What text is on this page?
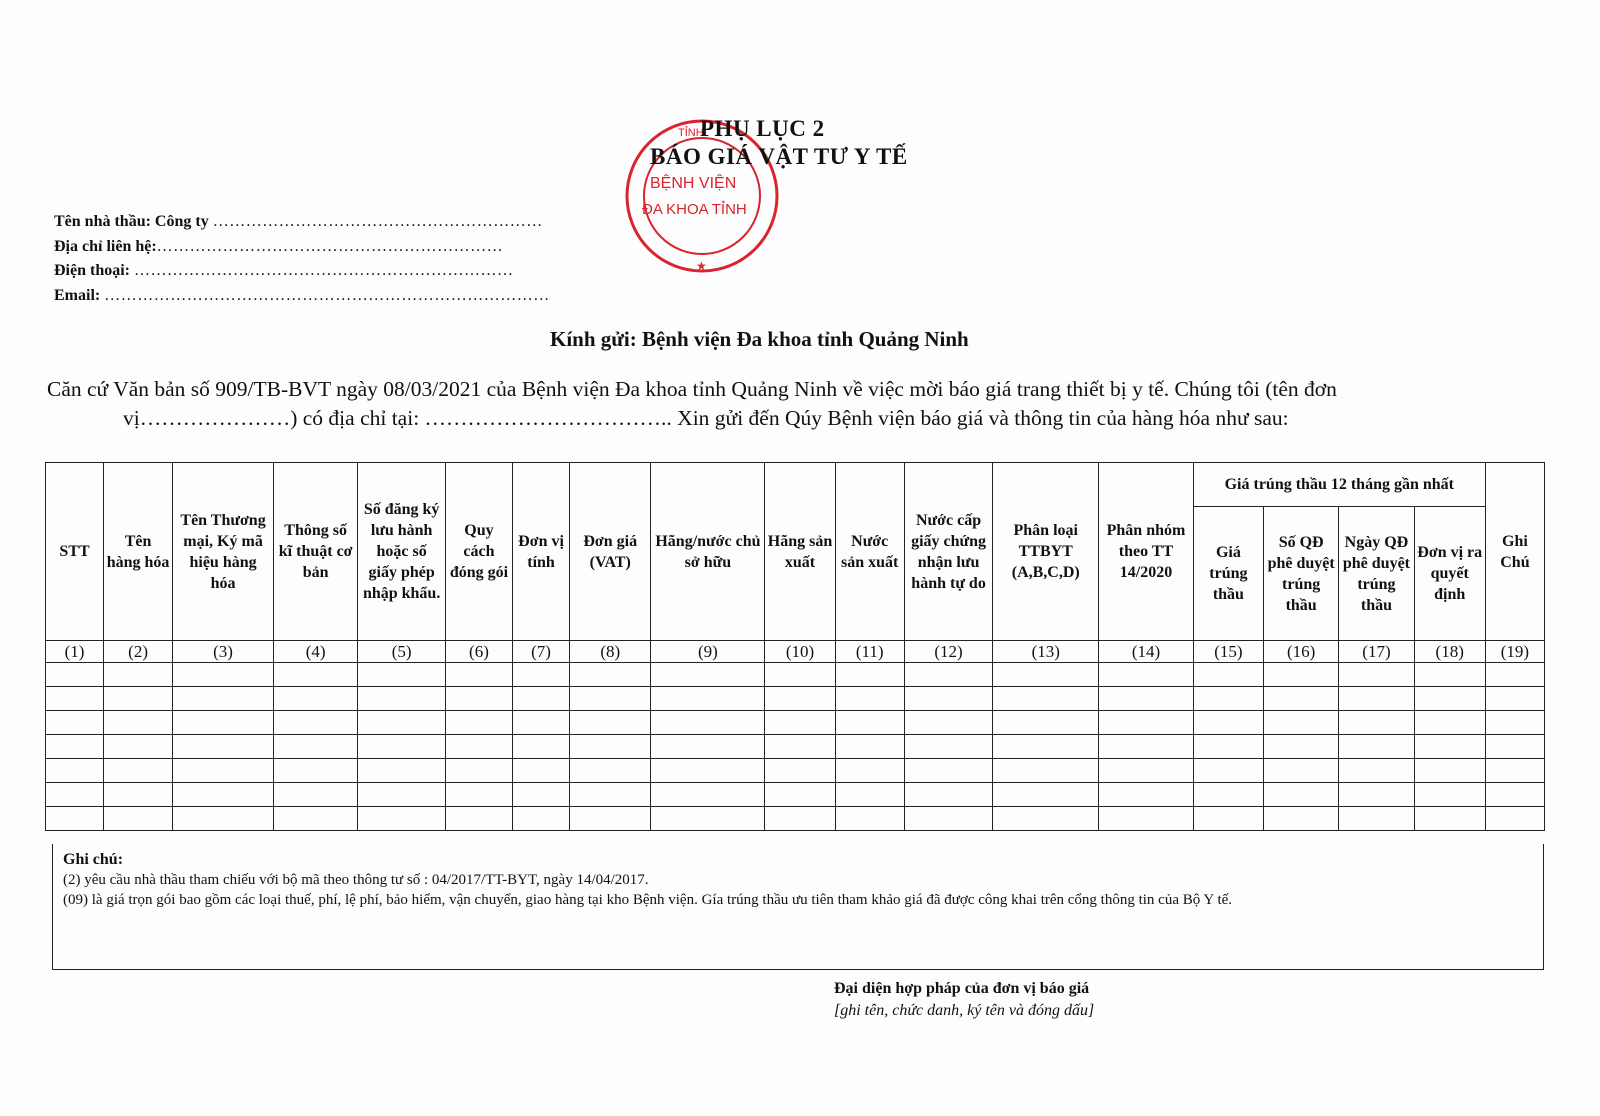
TỈNH
BỆNH VIỆN
ĐA KHOA TỈNH
★
PHỤ LỤC 2
BÁO GIÁ VẬT TƯ Y TẾ
Tên nhà thầu: Công ty ……………………………………………………
Địa chỉ liên hệ:………………………………………………………
Điện thoại: ……………………………………………………………
Email: ………………………………………………………………………
Kính gửi: Bệnh viện Đa khoa tỉnh Quảng Ninh
Căn cứ Văn bản số 909/TB-BVT ngày 08/03/2021 của Bệnh viện Đa khoa tỉnh Quảng Ninh về việc mời báo giá trang thiết bị y tế. Chúng tôi (tên đơn
vị…………………) có địa chỉ tại: …………………………….. Xin gửi đến Qúy Bệnh viện báo giá và thông tin của hàng hóa như sau:
STT	Tên hàng hóa	Tên Thương mại, Ký mã hiệu hàng hóa	Thông số kĩ thuật cơ bản	Số đăng ký lưu hành hoặc số giấy phép nhập khẩu.	Quy cách đóng gói	Đơn vị tính	Đơn giá (VAT)	Hãng/nước chủ sở hữu	Hãng sản xuất	Nước sản xuất	Nước cấp giấy chứng nhận lưu hành tự do	Phân loại TTBYT (A,B,C,D)	Phân nhóm theo TT 14/2020	Giá trúng thầu 12 tháng gần nhất				Ghi Chú
														Giá trúng thầu	Số QĐ phê duyệt trúng thầu	Ngày QĐ phê duyệt trúng thầu	Đơn vị ra quyết định	
(1)	(2)	(3)	(4)	(5)	(6)	(7)	(8)	(9)	(10)	(11)	(12)	(13)	(14)	(15)	(16)	(17)	(18)	(19)

Ghi chú:
(2) yêu cầu nhà thầu tham chiếu với bộ mã theo thông tư số : 04/2017/TT-BYT, ngày 14/04/2017.
(09) là giá trọn gói bao gồm các loại thuế, phí, lệ phí, bảo hiểm, vận chuyển, giao hàng tại kho Bệnh viện. Gía trúng thầu ưu tiên tham khảo giá đã được công khai trên cổng thông tin của Bộ Y tế.
Đại diện hợp pháp của đơn vị báo giá
[ghi tên, chức danh, ký tên và đóng dấu]
